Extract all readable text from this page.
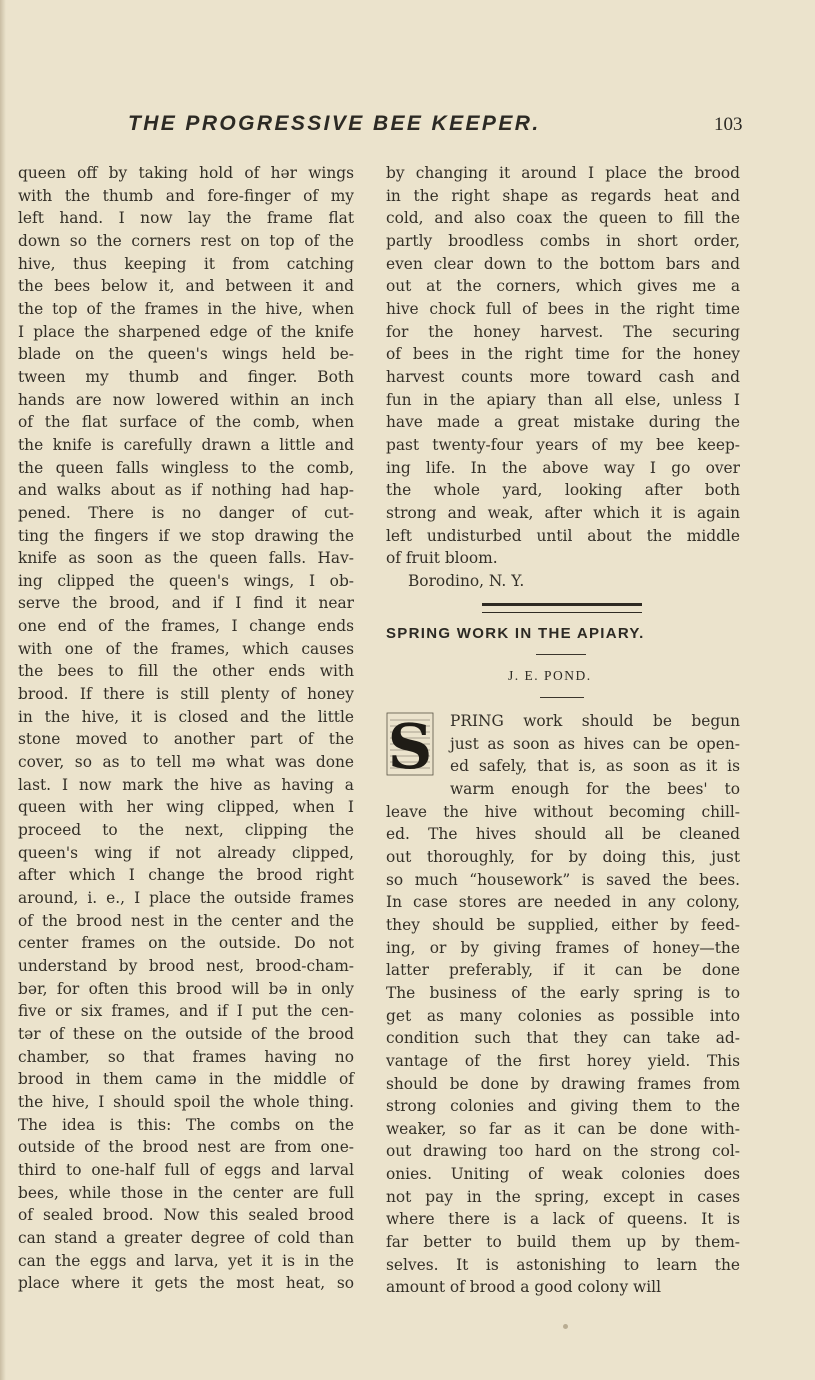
THE PROGRESSIVE BEE KEEPER.	103
queen off by taking hold of hər wings
with the thumb and fore-finger of my
left hand. I now lay the frame flat
down so the corners rest on top of the
hive, thus keeping it from catching
the bees below it, and between it and
the top of the frames in the hive, when
I place the sharpened edge of the knife
blade on the queen's wings held be-
tween my thumb and finger. Both
hands are now lowered within an inch
of the flat surface of the comb, when
the knife is carefully drawn a little and
the queen falls wingless to the comb,
and walks about as if nothing had hap-
pened. There is no danger of cut-
ting the fingers if we stop drawing the
knife as soon as the queen falls. Hav-
ing clipped the queen's wings, I ob-
serve the brood, and if I find it near
one end of the frames, I change ends
with one of the frames, which causes
the bees to fill the other ends with
brood. If there is still plenty of honey
in the hive, it is closed and the little
stone moved to another part of the
cover, so as to tell mə what was done
last. I now mark the hive as having a
queen with her wing clipped, when I
proceed to the next, clipping the
queen's wing if not already clipped,
after which I change the brood right
around, i. e., I place the outside frames
of the brood nest in the center and the
center frames on the outside. Do not
understand by brood nest, brood-cham-
bər, for often this brood will bə in only
five or six frames, and if I put the cen-
tər of these on the outside of the brood
chamber, so that frames having no
brood in them camə in the middle of
the hive, I should spoil the whole thing.
The idea is this: The combs on the
outside of the brood nest are from one-
third to one-half full of eggs and larval
bees, while those in the center are full
of sealed brood. Now this sealed brood
can stand a greater degree of cold than
can the eggs and larva, yet it is in the
place where it gets the most heat, so
by changing it around I place the brood
in the right shape as regards heat and
cold, and also coax the queen to fill the
partly broodless combs in short order,
even clear down to the bottom bars and
out at the corners, which gives me a
hive chock full of bees in the right time
for the honey harvest. The securing
of bees in the right time for the honey
harvest counts more toward cash and
fun in the apiary than all else, unless I
have made a great mistake during the
past twenty-four years of my bee keep-
ing life. In the above way I go over
the whole yard, looking after both
strong and weak, after which it is again
left undisturbed until about the middle
of fruit bloom.
Borodino, N. Y.
SPRING WORK IN THE APIARY.
J. E. POND.
S PRING work should be begun
just as soon as hives can be open-
ed safely, that is, as soon as it is
warm enough for the bees' to
leave the hive without becoming chill-
ed. The hives should all be cleaned
out thoroughly, for by doing this, just
so much “housework” is saved the bees.
In case stores are needed in any colony,
they should be supplied, either by feed-
ing, or by giving frames of honey—the
latter preferably, if it can be done
The business of the early spring is to
get as many colonies as possible into
condition such that they can take ad-
vantage of the first horey yield. This
should be done by drawing frames from
strong colonies and giving them to the
weaker, so far as it can be done with-
out drawing too hard on the strong col-
onies. Uniting of weak colonies does
not pay in the spring, except in cases
where there is a lack of queens. It is
far better to build them up by them-
selves. It is astonishing to learn the
amount of brood a good colony will
